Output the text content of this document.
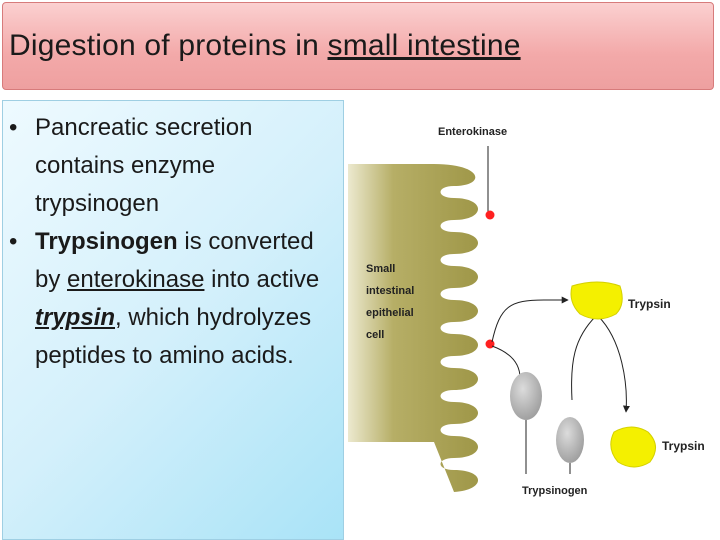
Digestion of proteins in small intestine
• Pancreatic secretion contains enzyme trypsinogen
• Trypsinogen is converted by enterokinase into active trypsin, which hydrolyzes peptides to amino acids.
Small
intestinal
epithelial
cell
Enterokinase
Trypsin
Trypsin
Trypsinogen
